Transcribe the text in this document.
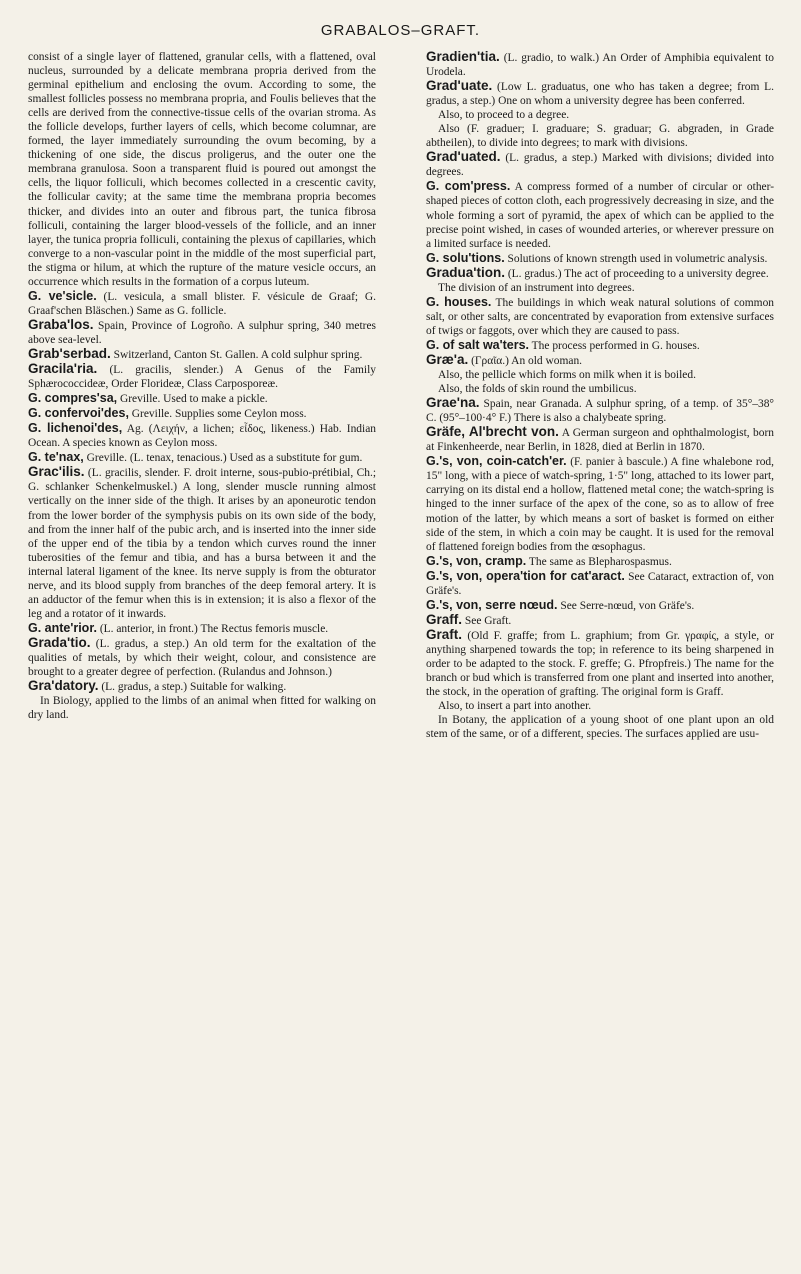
GRABALOS–GRAFT.

consist of a single layer of flattened, granular cells, with a flattened, oval nucleus, surrounded by a delicate membrana propria derived from the germinal epithelium and enclosing the ovum. According to some, the smallest follicles possess no membrana propria, and Foulis believes that the cells are derived from the connective-tissue cells of the ovarian stroma. As the follicle develops, further layers of cells, which become columnar, are formed, the layer immediately surrounding the ovum becoming, by a thickening of one side, the discus proligerus, and the outer one the membrana granulosa. Soon a transparent fluid is poured out amongst the cells, the liquor folliculi, which becomes collected in a crescentic cavity, the follicular cavity; at the same time the membrana propria becomes thicker, and divides into an outer and fibrous part, the tunica fibrosa folliculi, containing the larger blood-vessels of the follicle, and an inner layer, the tunica propria folliculi, containing the plexus of capillaries, which converge to a non-vascular point in the middle of the most superficial part, the stigma or hilum, at which the rupture of the mature vesicle occurs, an occurrence which results in the formation of a corpus luteum.

G. ve'sicle. (L. vesicula, a small blister. F. vésicule de Graaf; G. Graaf'schen Bläschen.) Same as G. follicle.

Graba'los. Spain, Province of Logroño. A sulphur spring, 340 metres above sea-level.

Grab'serbad. Switzerland, Canton St. Gallen. A cold sulphur spring.

Gracila'ria. (L. gracilis, slender.) A Genus of the Family Sphærococcideæ, Order Florideæ, Class Carposporeæ.

G. compres'sa, Greville. Used to make a pickle.

G. confervoi'des, Greville. Supplies some Ceylon moss.

G. lichenoi'des, Ag. (Λειχήν, a lichen; εἶδος, likeness.) Hab. Indian Ocean. A species known as Ceylon moss.

G. te'nax, Greville. (L. tenax, tenacious.) Used as a substitute for gum.

Grac'ilis. (L. gracilis, slender. F. droit interne, sous-pubio-prétibial, Ch.; G. schlanker Schenkelmuskel.) A long, slender muscle running almost vertically on the inner side of the thigh. It arises by an aponeurotic tendon from the lower border of the symphysis pubis on its own side of the body, and from the inner half of the pubic arch, and is inserted into the inner side of the upper end of the tibia by a tendon which curves round the inner tuberosities of the femur and tibia, and has a bursa between it and the internal lateral ligament of the knee. Its nerve supply is from the obturator nerve, and its blood supply from branches of the deep femoral artery. It is an adductor of the femur when this is in extension; it is also a flexor of the leg and a rotator of it inwards.

G. ante'rior. (L. anterior, in front.) The Rectus femoris muscle.

Grada'tio. (L. gradus, a step.) An old term for the exaltation of the qualities of metals, by which their weight, colour, and consistence are brought to a greater degree of perfection. (Rulandus and Johnson.)

Gra'datory. (L. gradus, a step.) Suitable for walking.

In Biology, applied to the limbs of an animal when fitted for walking on dry land.

Gradien'tia. (L. gradio, to walk.) An Order of Amphibia equivalent to Urodela.

Grad'uate. (Low L. graduatus, one who has taken a degree; from L. gradus, a step.) One on whom a university degree has been conferred.

Also, to proceed to a degree.

Also (F. graduer; I. graduare; S. graduar; G. abgraden, in Grade abtheilen), to divide into degrees; to mark with divisions.

Grad'uated. (L. gradus, a step.) Marked with divisions; divided into degrees.

G. com'press. A compress formed of a number of circular or other-shaped pieces of cotton cloth, each progressively decreasing in size, and the whole forming a sort of pyramid, the apex of which can be applied to the precise point wished, in cases of wounded arteries, or wherever pressure on a limited surface is needed.

G. solu'tions. Solutions of known strength used in volumetric analysis.

Gradua'tion. (L. gradus.) The act of proceeding to a university degree.

The division of an instrument into degrees.

G. houses. The buildings in which weak natural solutions of common salt, or other salts, are concentrated by evaporation from extensive surfaces of twigs or faggots, over which they are caused to pass.

G. of salt wa'ters. The process performed in G. houses.

Græ'a. (Γραῖα.) An old woman.

Also, the pellicle which forms on milk when it is boiled.

Also, the folds of skin round the umbilicus.

Grae'na. Spain, near Granada. A sulphur spring, of a temp. of 35°–38° C. (95°–100·4° F.) There is also a chalybeate spring.

Gräfe, Al'brecht von. A German surgeon and ophthalmologist, born at Finkenheerde, near Berlin, in 1828, died at Berlin in 1870.

G.'s, von, coin-catch'er. (F. panier à bascule.) A fine whalebone rod, 15" long, with a piece of watch-spring, 1·5" long, attached to its lower part, carrying on its distal end a hollow, flattened metal cone; the watch-spring is hinged to the inner surface of the apex of the cone, so as to allow of free motion of the latter, by which means a sort of basket is formed on either side of the stem, in which a coin may be caught. It is used for the removal of flattened foreign bodies from the œsophagus.

G.'s, von, cramp. The same as Blepharospasmus.

G.'s, von, opera'tion for cat'aract. See Cataract, extraction of, von Gräfe's.

G.'s, von, serre nœud. See Serre-nœud, von Gräfe's.

Graff. See Graft.

Graft. (Old F. graffe; from L. graphium; from Gr. γραφίς, a style, or anything sharpened towards the top; in reference to its being sharpened in order to be adapted to the stock. F. greffe; G. Pfropfreis.) The name for the branch or bud which is transferred from one plant and inserted into another, the stock, in the operation of grafting. The original form is Graff.

Also, to insert a part into another.

In Botany, the application of a young shoot of one plant upon an old stem of the same, or of a different, species. The surfaces applied are usu-
